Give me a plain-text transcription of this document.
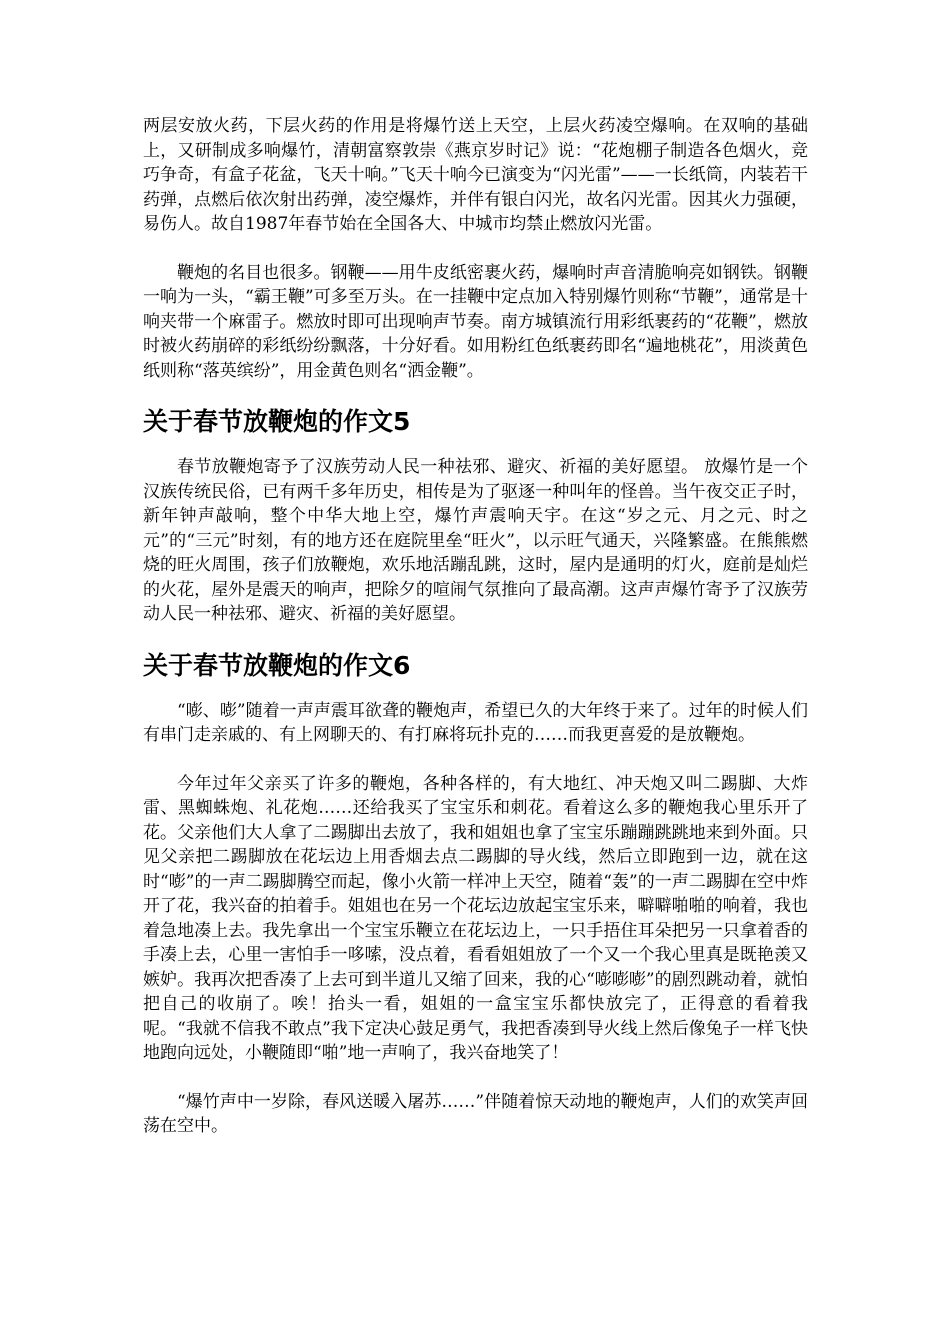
两层安放火药，下层火药的作用是将爆竹送上天空，上层火药凌空爆响。在双响的基础上，又研制成多响爆竹，清朝富察敦崇《燕京岁时记》说：“花炮棚子制造各色烟火，竞巧争奇，有盒子花盆，飞天十响。”飞天十响今已演变为“闪光雷”——一长纸筒，内装若干药弹，点燃后依次射出药弹，凌空爆炸，并伴有银白闪光，故名闪光雷。因其火力强硬，易伤人。故自1987年春节始在全国各大、中城市均禁止燃放闪光雷。

鞭炮的名目也很多。钢鞭——用牛皮纸密裹火药，爆响时声音清脆响亮如钢铁。钢鞭一响为一头，“霸王鞭”可多至万头。在一挂鞭中定点加入特别爆竹则称“节鞭”，通常是十响夹带一个麻雷子。燃放时即可出现响声节奏。南方城镇流行用彩纸裹药的“花鞭”，燃放时被火药崩碎的彩纸纷纷飘落，十分好看。如用粉红色纸裹药即名“遍地桃花”，用淡黄色纸则称“落英缤纷”，用金黄色则名“洒金鞭”。

关于春节放鞭炮的作文5

春节放鞭炮寄予了汉族劳动人民一种祛邪、避灾、祈福的美好愿望。 放爆竹是一个汉族传统民俗，已有两千多年历史，相传是为了驱逐一种叫年的怪兽。当午夜交正子时，新年钟声敲响，整个中华大地上空，爆竹声震响天宇。在这“岁之元、月之元、时之元”的“三元”时刻，有的地方还在庭院里垒“旺火”，以示旺气通天，兴隆繁盛。在熊熊燃烧的旺火周围，孩子们放鞭炮，欢乐地活蹦乱跳，这时，屋内是通明的灯火，庭前是灿烂的火花，屋外是震天的响声，把除夕的喧闹气氛推向了最高潮。这声声爆竹寄予了汉族劳动人民一种祛邪、避灾、祈福的美好愿望。

关于春节放鞭炮的作文6

“嘭、嘭”随着一声声震耳欲聋的鞭炮声，希望已久的大年终于来了。过年的时候人们有串门走亲戚的、有上网聊天的、有打麻将玩扑克的……而我更喜爱的是放鞭炮。

今年过年父亲买了许多的鞭炮，各种各样的，有大地红、冲天炮又叫二踢脚、大炸雷、黑蜘蛛炮、礼花炮……还给我买了宝宝乐和刺花。看着这么多的鞭炮我心里乐开了花。父亲他们大人拿了二踢脚出去放了，我和姐姐也拿了宝宝乐蹦蹦跳跳地来到外面。只见父亲把二踢脚放在花坛边上用香烟去点二踢脚的导火线，然后立即跑到一边，就在这时“嘭”的一声二踢脚腾空而起，像小火箭一样冲上天空，随着“轰”的一声二踢脚在空中炸开了花，我兴奋的拍着手。姐姐也在另一个花坛边放起宝宝乐来，噼噼啪啪的响着，我也着急地凑上去。我先拿出一个宝宝乐鞭立在花坛边上，一只手捂住耳朵把另一只拿着香的手凑上去，心里一害怕手一哆嗦，没点着，看看姐姐放了一个又一个我心里真是既艳羡又嫉妒。我再次把香凑了上去可到半道儿又缩了回来，我的心“嘭嘭嘭”的剧烈跳动着，就怕把自己的收崩了。唉！抬头一看，姐姐的一盒宝宝乐都快放完了，正得意的看着我呢。“我就不信我不敢点”我下定决心鼓足勇气，我把香凑到导火线上然后像兔子一样飞快地跑向远处，小鞭随即“啪”地一声响了，我兴奋地笑了！

“爆竹声中一岁除，春风送暖入屠苏……”伴随着惊天动地的鞭炮声，人们的欢笑声回荡在空中。
